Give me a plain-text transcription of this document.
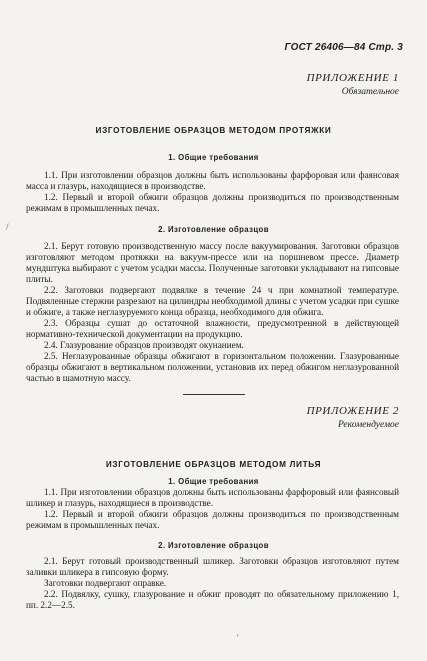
ГОСТ 26406—84 Стр. 3
ПРИЛОЖЕНИЕ 1
Обязательное
ИЗГОТОВЛЕНИЕ ОБРАЗЦОВ МЕТОДОМ ПРОТЯЖКИ
1. Общие требования

1.1. При изготовлении образцов должны быть использованы фарфоровая или фаянсовая масса и глазурь, находящиеся в производстве.

1.2. Первый и второй обжиги образцов должны производиться по производственным режимам в промышленных печах.

/	2. Изготовление образцов

2.1. Берут готовую производственную массу после вакуумирования. Заготовки образцов изготовляют методом протяжки на вакуум-прессе или на поршневом прессе. Диаметр мундштука выбирают с учетом усадки массы. Полученные заготовки укладывают на гипсовые плиты.

2.2. Заготовки подвергают подвялке в течение 24 ч при комнатной температуре. Подвяленные стержни разрезают на цилиндры необходимой длины с учетом усадки при сушке и обжиге, а также неглазуруемого конца образца, необходимого для обжига.

2.3. Образцы сушат до остаточной влажности, предусмотренной в действующей нормативно-технической документации на продукцию.

2.4. Глазурование образцов производят окунанием.

2.5. Неглазурованные образцы обжигают в горизонтальном положении. Глазурованные образцы обжигают в вертикальном положении, установив их перед обжигом неглазурованной частью в шамотную массу.

ПРИЛОЖЕНИЕ 2
Рекомендуемое
ИЗГОТОВЛЕНИЕ ОБРАЗЦОВ МЕТОДОМ ЛИТЬЯ
1. Общие требования

1.1. При изготовлении образцов должны быть использованы фарфоровый или фаянсовый шликер и глазурь, находящиеся в производстве.

1.2. Первый и второй обжиги образцов должны производиться по производственным режимам в промышленных печах.

2. Изготовление образцов

2.1. Берут готовый производственный шликер. Заготовки образцов изготовляют путем заливки шликера в гипсовую форму.

Заготовки подвергают оправке.

2.2. Подвялку, сушку, глазурование и обжиг проводят по обязательному приложению 1, пп. 2.2—2.5.

'
